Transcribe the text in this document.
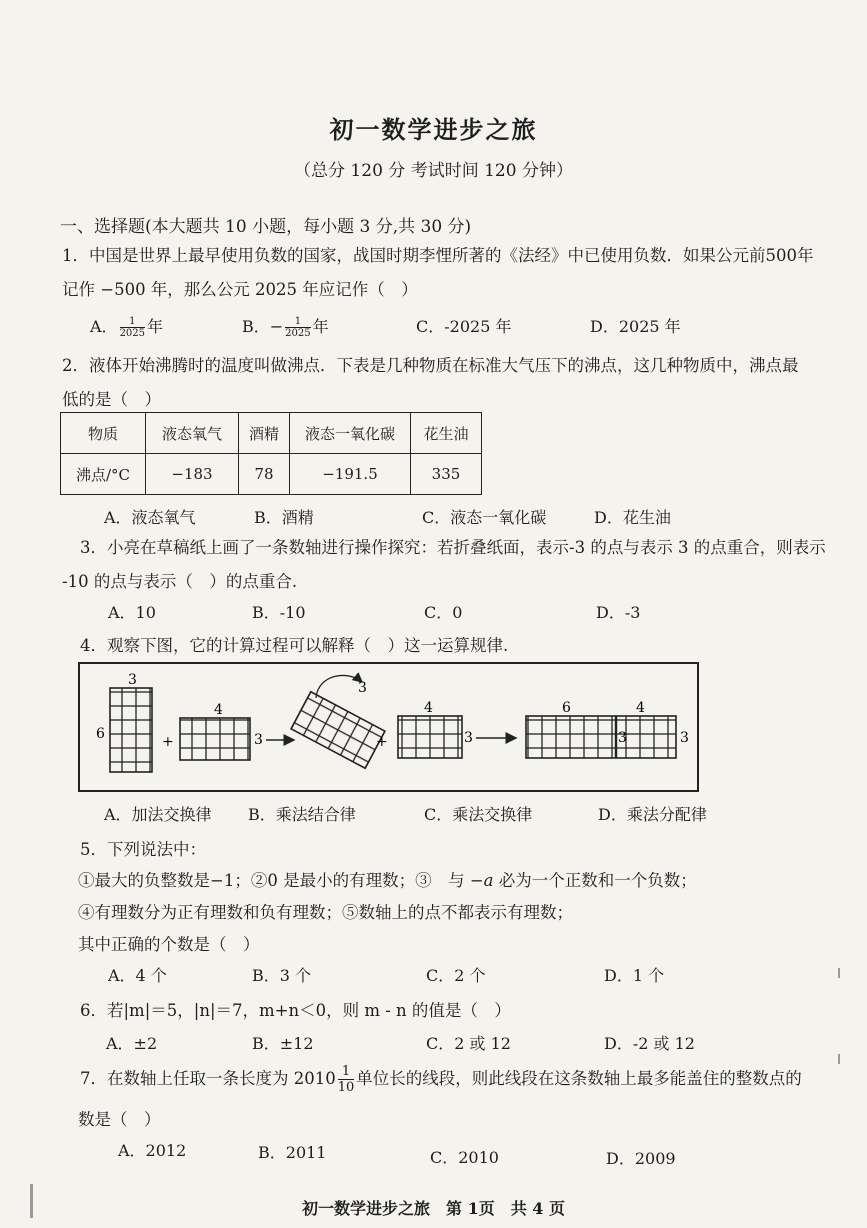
初一数学进步之旅
（总分 120 分 考试时间 120 分钟）
一、选择题(本大题共 10 小题，每小题 3 分,共 30 分)
1．中国是世界上最早使用负数的国家，战国时期李悝所著的《法经》中已使用负数．如果公元前500年
记作 −500 年，那么公元 2025 年应记作（　）
A． $\frac{1}{2025}$ 年	B．− $\frac{1}{2025}$ 年	C．-2025 年	D．2025 年
2．液体开始沸腾时的温度叫做沸点．下表是几种物质在标准大气压下的沸点，这几种物质中，沸点最
低的是（　）
物质	液态氧气	酒精	液态一氧化碳	花生油
沸点/°C	−183	78	−191.5	335
A．液态氧气	B．酒精	C．液态一氧化碳	D．花生油
3．小亮在草稿纸上画了一条数轴进行操作探究：若折叠纸面，表示-3 的点与表示 3 的点重合，则表示
-10 的点与表示（　）的点重合.
A．10	B．-10	C．0	D．-3
4．观察下图，它的计算过程可以解释（　）这一运算规律.
3
6	+
4
3
3
+
4
3
6	4
3	3
A．加法交换律 B．乘法结合律	C．乘法交换律	D．乘法分配律
5．下列说法中：
①最大的负整数是−1；②0 是最小的有理数；③　与 −a 必为一个正数和一个负数；
④有理数分为正有理数和负有理数；⑤数轴上的点不都表示有理数；
其中正确的个数是（　）
A．4 个	B．3 个	C．2 个	D．1 个
6．若|m|＝5，|n|＝7，m+n＜0，则 m - n 的值是（　）
A．±2	B．±12	C．2 或 12	D．-2 或 12
7．在数轴上任取一条长度为 $2010 \frac{1}{10}$ 单位长的线段，则此线段在这条数轴上最多能盖住的整数点的
数是（　）
A．2012	B．2011	C．2010	D．2009
初一数学进步之旅　第 1页　共 4 页
